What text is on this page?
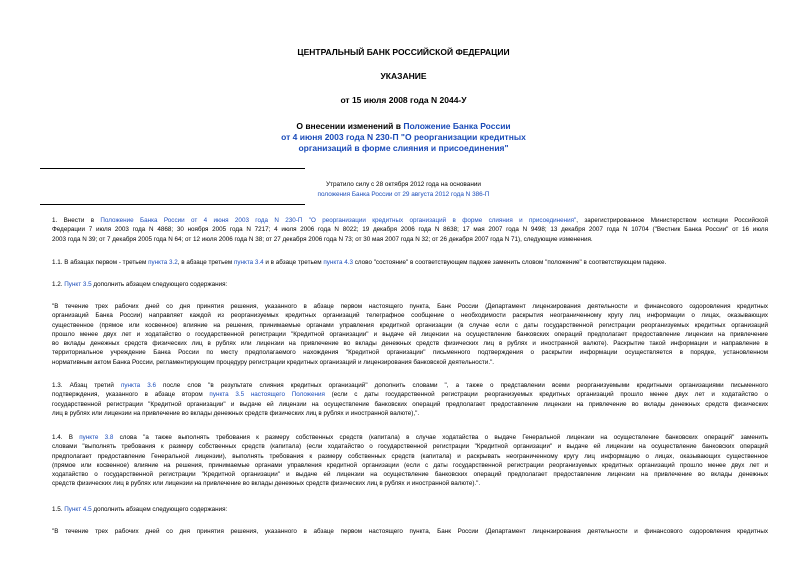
ЦЕНТРАЛЬНЫЙ БАНК РОССИЙСКОЙ ФЕДЕРАЦИИ
УКАЗАНИЕ
от 15 июля 2008 года N 2044-У
О внесении изменений в Положение Банка России
от 4 июня 2003 года N 230-П "О реорганизации кредитных
организаций в форме слияния и присоединения"
Утратило силу с 28 октября 2012 года на основании
положения Банка России от 29 августа 2012 года N 386-П
1. Внести в Положение Банка России от 4 июня 2003 года N 230-П "О реорганизации кредитных организаций в форме слияния и присоединения", зарегистрированное Министерством юстиции Российской
Федерации 7 июля 2003 года N 4868; 30 ноября 2005 года N 7217; 4 июля 2006 года N 8022; 19 декабря 2006 года N 8638; 17 мая 2007 года N 9498; 13 декабря 2007 года N 10704 ("Вестник Банка России" от 16 июля
2003 года N 39; от 7 декабря 2005 года N 64; от 12 июля 2006 года N 38; от 27 декабря 2006 года N 73; от 30 мая 2007 года N 32; от 26 декабря 2007 года N 71), следующие изменения.
1.1. В абзацах первом - третьем пункта 3.2, в абзаце третьем пункта 3.4 и в абзаце третьем пункта 4.3 слово "состояние" в соответствующем падеже заменить словом "положение" в соответствующем падеже.
1.2. Пункт 3.5 дополнить абзацем следующего содержания:
"В течение трех рабочих дней со дня принятия решения, указанного в абзаце первом настоящего пункта, Банк России (Департамент лицензирования деятельности и финансового оздоровления кредитных
организаций Банка России) направляет каждой из реорганизуемых кредитных организаций телеграфное сообщение о необходимости раскрытия неограниченному кругу лиц информации о лицах, оказывающих
существенное (прямое или косвенное) влияние на решения, принимаемые органами управления кредитной организации (в случае если с даты государственной регистрации реорганизуемых кредитных организаций
прошло менее двух лет и ходатайство о государственной регистрации "Кредитной организации" и выдаче ей лицензии на осуществление банковских операций предполагает предоставление лицензии на привлечение
во вклады денежных средств физических лиц в рублях или лицензии на привлечение во вклады денежных средств физических лиц в рублях и иностранной валюте). Раскрытие такой информации и направление в
территориальное учреждение Банка России по месту предполагаемого нахождения "Кредитной организации" письменного подтверждения о раскрытии информации осуществляется в порядке, установленном
нормативным актом Банка России, регламентирующим процедуру регистрации кредитных организаций и лицензирования банковской деятельности.".
1.3. Абзац третий пункта 3.6 после слов "в результате слияния кредитных организаций" дополнить словами ", а также о представлении всеми реорганизуемыми кредитными организациями письменного
подтверждения, указанного в абзаце втором пункта 3.5 настоящего Положения (если с даты государственной регистрации реорганизуемых кредитных организаций прошло менее двух лет и ходатайство о
государственной регистрации "Кредитной организации" и выдаче ей лицензии на осуществление банковских операций предполагает предоставление лицензии на привлечение во вклады денежных средств физических
лиц в рублях или лицензии на привлечение во вклады денежных средств физических лиц в рублях и иностранной валюте),".
1.4. В пункте 3.8 слова "а также выполнять требования к размеру собственных средств (капитала) в случае ходатайства о выдаче Генеральной лицензии на осуществление банковских операций" заменить
словами "выполнять требования к размеру собственных средств (капитала) (если ходатайство о государственной регистрации "Кредитной организации" и выдаче ей лицензии на осуществление банковских операций
предполагает предоставление Генеральной лицензии), выполнять требования к размеру собственных средств (капитала) и раскрывать неограниченному кругу лиц информацию о лицах, оказывающих существенное
(прямое или косвенное) влияние на решения, принимаемые органами управления кредитной организации (если с даты государственной регистрации реорганизуемых кредитных организаций прошло менее двух лет и
ходатайство о государственной регистрации "Кредитной организации" и выдаче ей лицензии на осуществление банковских операций предполагает предоставление лицензии на привлечение во вклады денежных
средств физических лиц в рублях или лицензии на привлечение во вклады денежных средств физических лиц в рублях и иностранной валюте).".
1.5. Пункт 4.5 дополнить абзацем следующего содержания:
"В течение трех рабочих дней со дня принятия решения, указанного в абзаце первом настоящего пункта, Банк России (Департамент лицензирования деятельности и финансового оздоровления кредитных
